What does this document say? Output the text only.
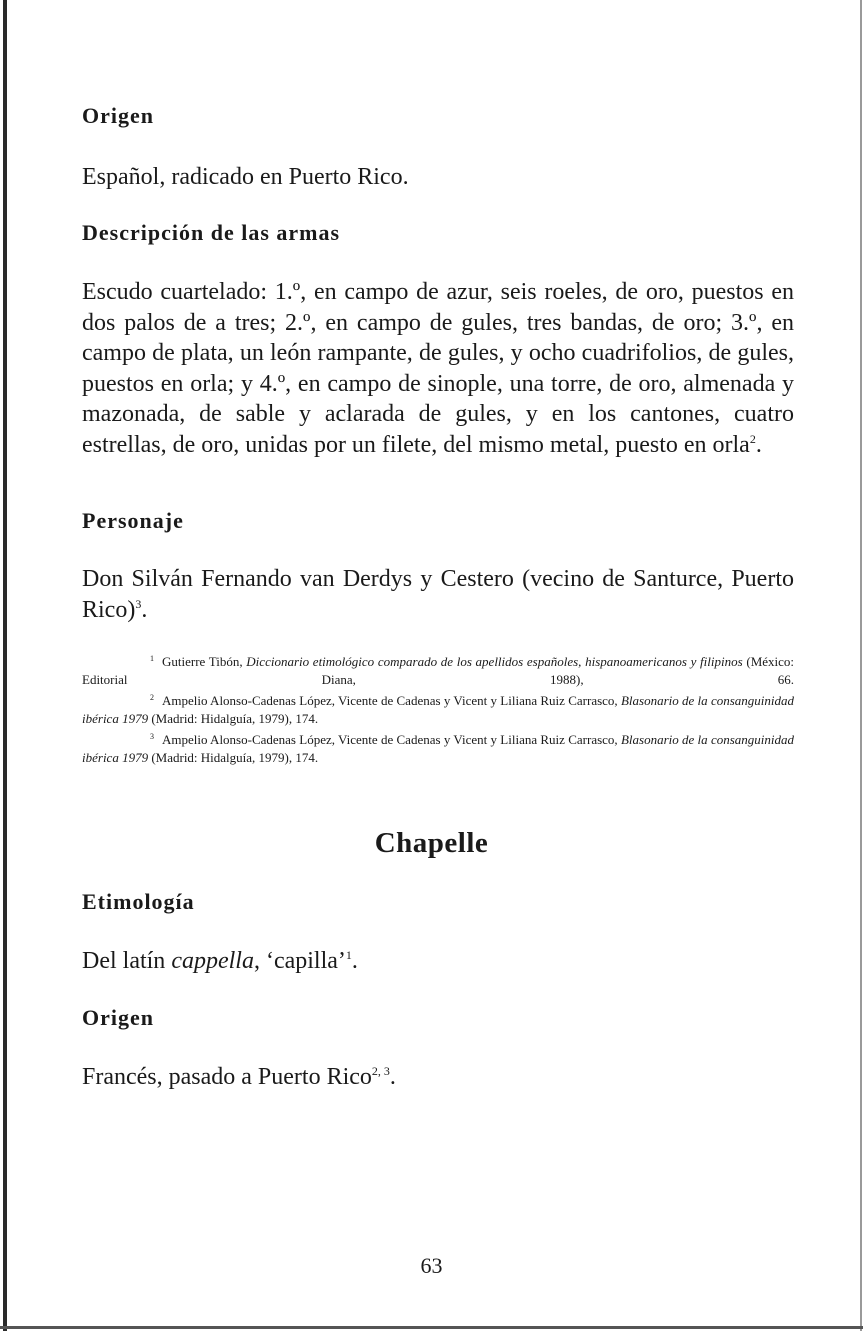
Origen

Español, radicado en Puerto Rico.

Descripción de las armas

Escudo cuartelado: 1.º, en campo de azur, seis roeles, de oro, puestos en dos palos de a tres; 2.º, en campo de gules, tres bandas, de oro; 3.º, en campo de plata, un león rampante, de gules, y ocho cuadrifolios, de gules, puestos en orla; y 4.º, en campo de sinople, una torre, de oro, almenada y mazonada, de sable y aclarada de gules, y en los cantones, cuatro estrellas, de oro, unidas por un filete, del mismo metal, puesto en orla$^2$.

Personaje

Don Silván Fernando van Derdys y Cestero (vecino de Santurce, Puerto Rico)$^3$.

$^1$ Gutierre Tibón, Diccionario etimológico comparado de los apellidos españoles, hispanoamericanos y filipinos (México: Editorial Diana, 1988), 66.

$^2$ Ampelio Alonso-Cadenas López, Vicente de Cadenas y Vicent y Liliana Ruiz Carrasco, Blasonario de la consanguinidad ibérica 1979 (Madrid: Hidalguía, 1979), 174.

$^3$ Ampelio Alonso-Cadenas López, Vicente de Cadenas y Vicent y Liliana Ruiz Carrasco, Blasonario de la consanguinidad ibérica 1979 (Madrid: Hidalguía, 1979), 174.

Chapelle
Etimología

Del latín cappella, ‘capilla’$^1$.

Origen

Francés, pasado a Puerto Rico$^{2, 3}$.

63
